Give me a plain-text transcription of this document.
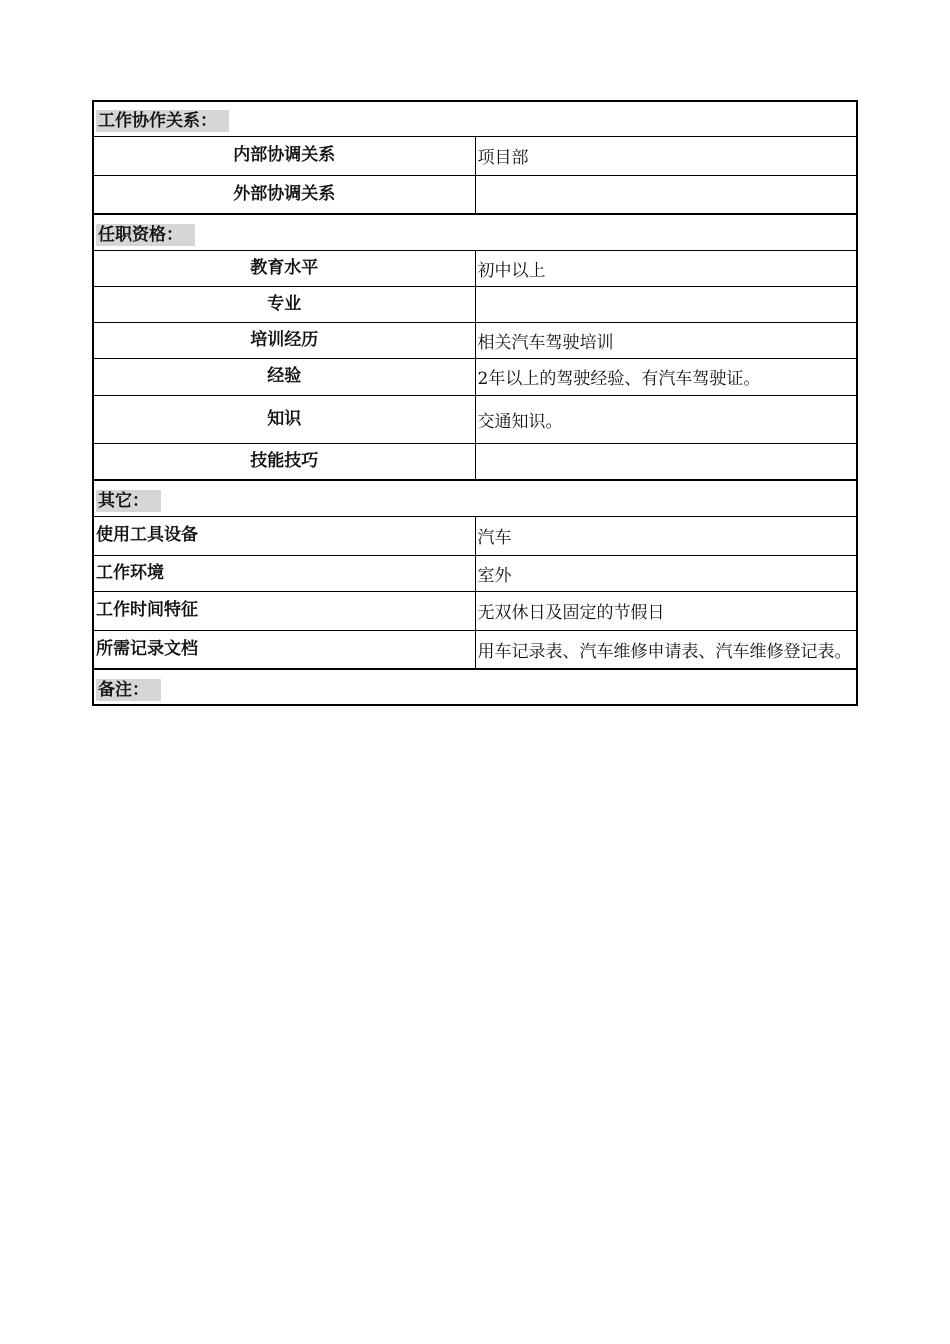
工作协作关系：	
内部协调关系	项目部
外部协调关系	
任职资格：	
教育水平	初中以上
专业	
培训经历	相关汽车驾驶培训
经验	2年以上的驾驶经验、有汽车驾驶证。
知识	交通知识。
技能技巧	
其它：	
使用工具设备	汽车
工作环境	室外
工作时间特征	无双休日及固定的节假日
所需记录文档	用车记录表、汽车维修申请表、汽车维修登记表。
备注：	
